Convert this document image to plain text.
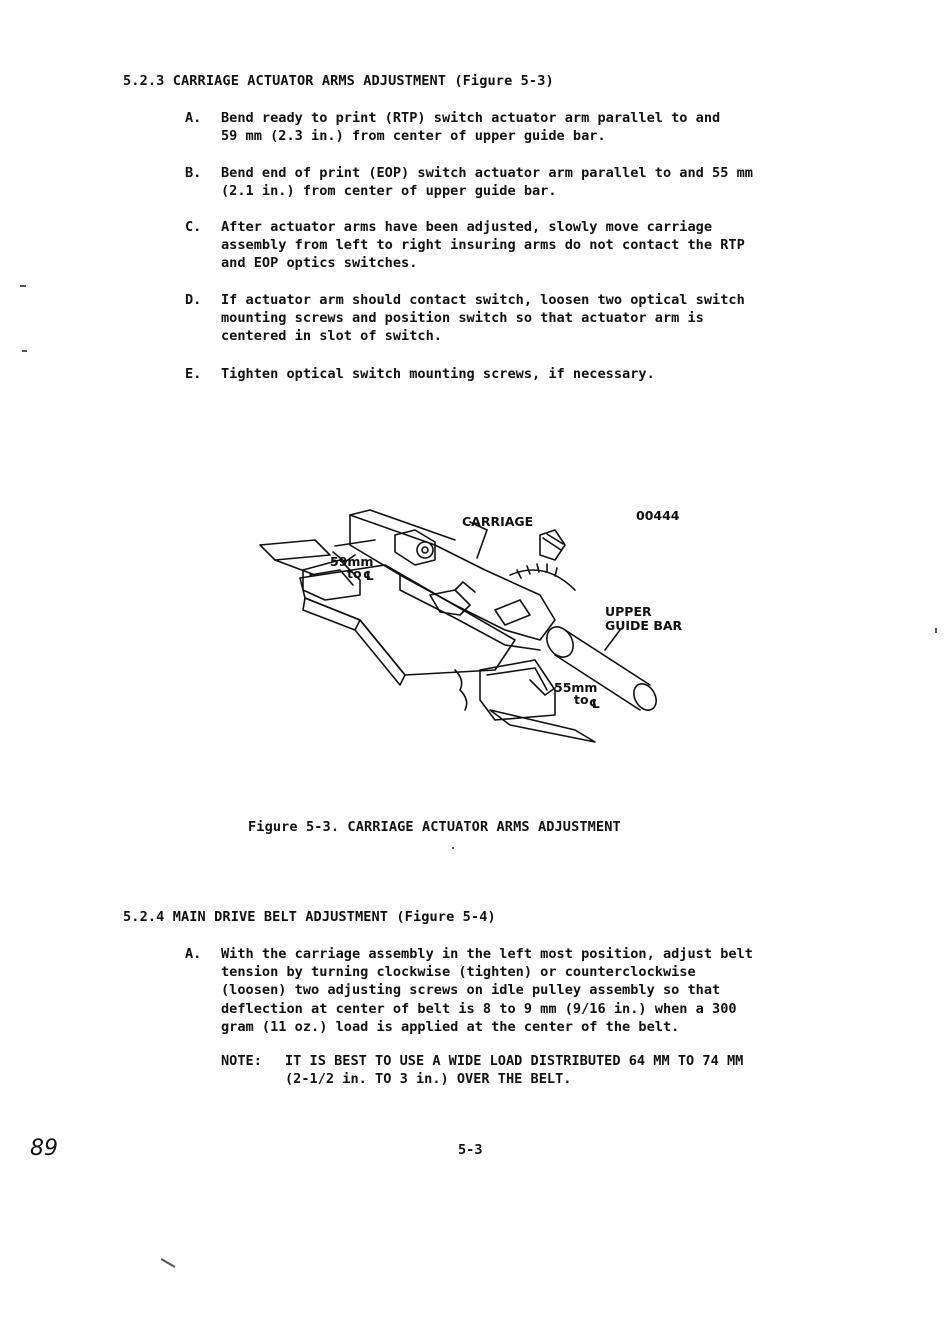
5.2.3 CARRIAGE ACTUATOR ARMS ADJUSTMENT (Figure 5-3)
A. Bend ready to print (RTP) switch actuator arm parallel to and
59 mm (2.3 in.) from center of upper guide bar.
B. Bend end of print (EOP) switch actuator arm parallel to and 55 mm
(2.1 in.) from center of upper guide bar.
C. After actuator arms have been adjusted, slowly move carriage
assembly from left to right insuring arms do not contact the RTP
and EOP optics switches.
D. If actuator arm should contact switch, loosen two optical switch
mounting screws and position switch so that actuator arm is
centered in slot of switch.
E. Tighten optical switch mounting screws, if necessary.
CARRIAGE	00444
UPPER
GUIDE BAR
59mm
to ℄
55mm
to ℄
Figure 5-3. CARRIAGE ACTUATOR ARMS ADJUSTMENT
5.2.4 MAIN DRIVE BELT ADJUSTMENT (Figure 5-4)
A. With the carriage assembly in the left most position, adjust belt
tension by turning clockwise (tighten) or counterclockwise
(loosen) two adjusting screws on idle pulley assembly so that
deflection at center of belt is 8 to 9 mm (9/16 in.) when a 300
gram (11 oz.) load is applied at the center of the belt.
NOTE: IT IS BEST TO USE A WIDE LOAD DISTRIBUTED 64 MM TO 74 MM
(2-1/2 in. TO 3 in.) OVER THE BELT.
89	5-3
